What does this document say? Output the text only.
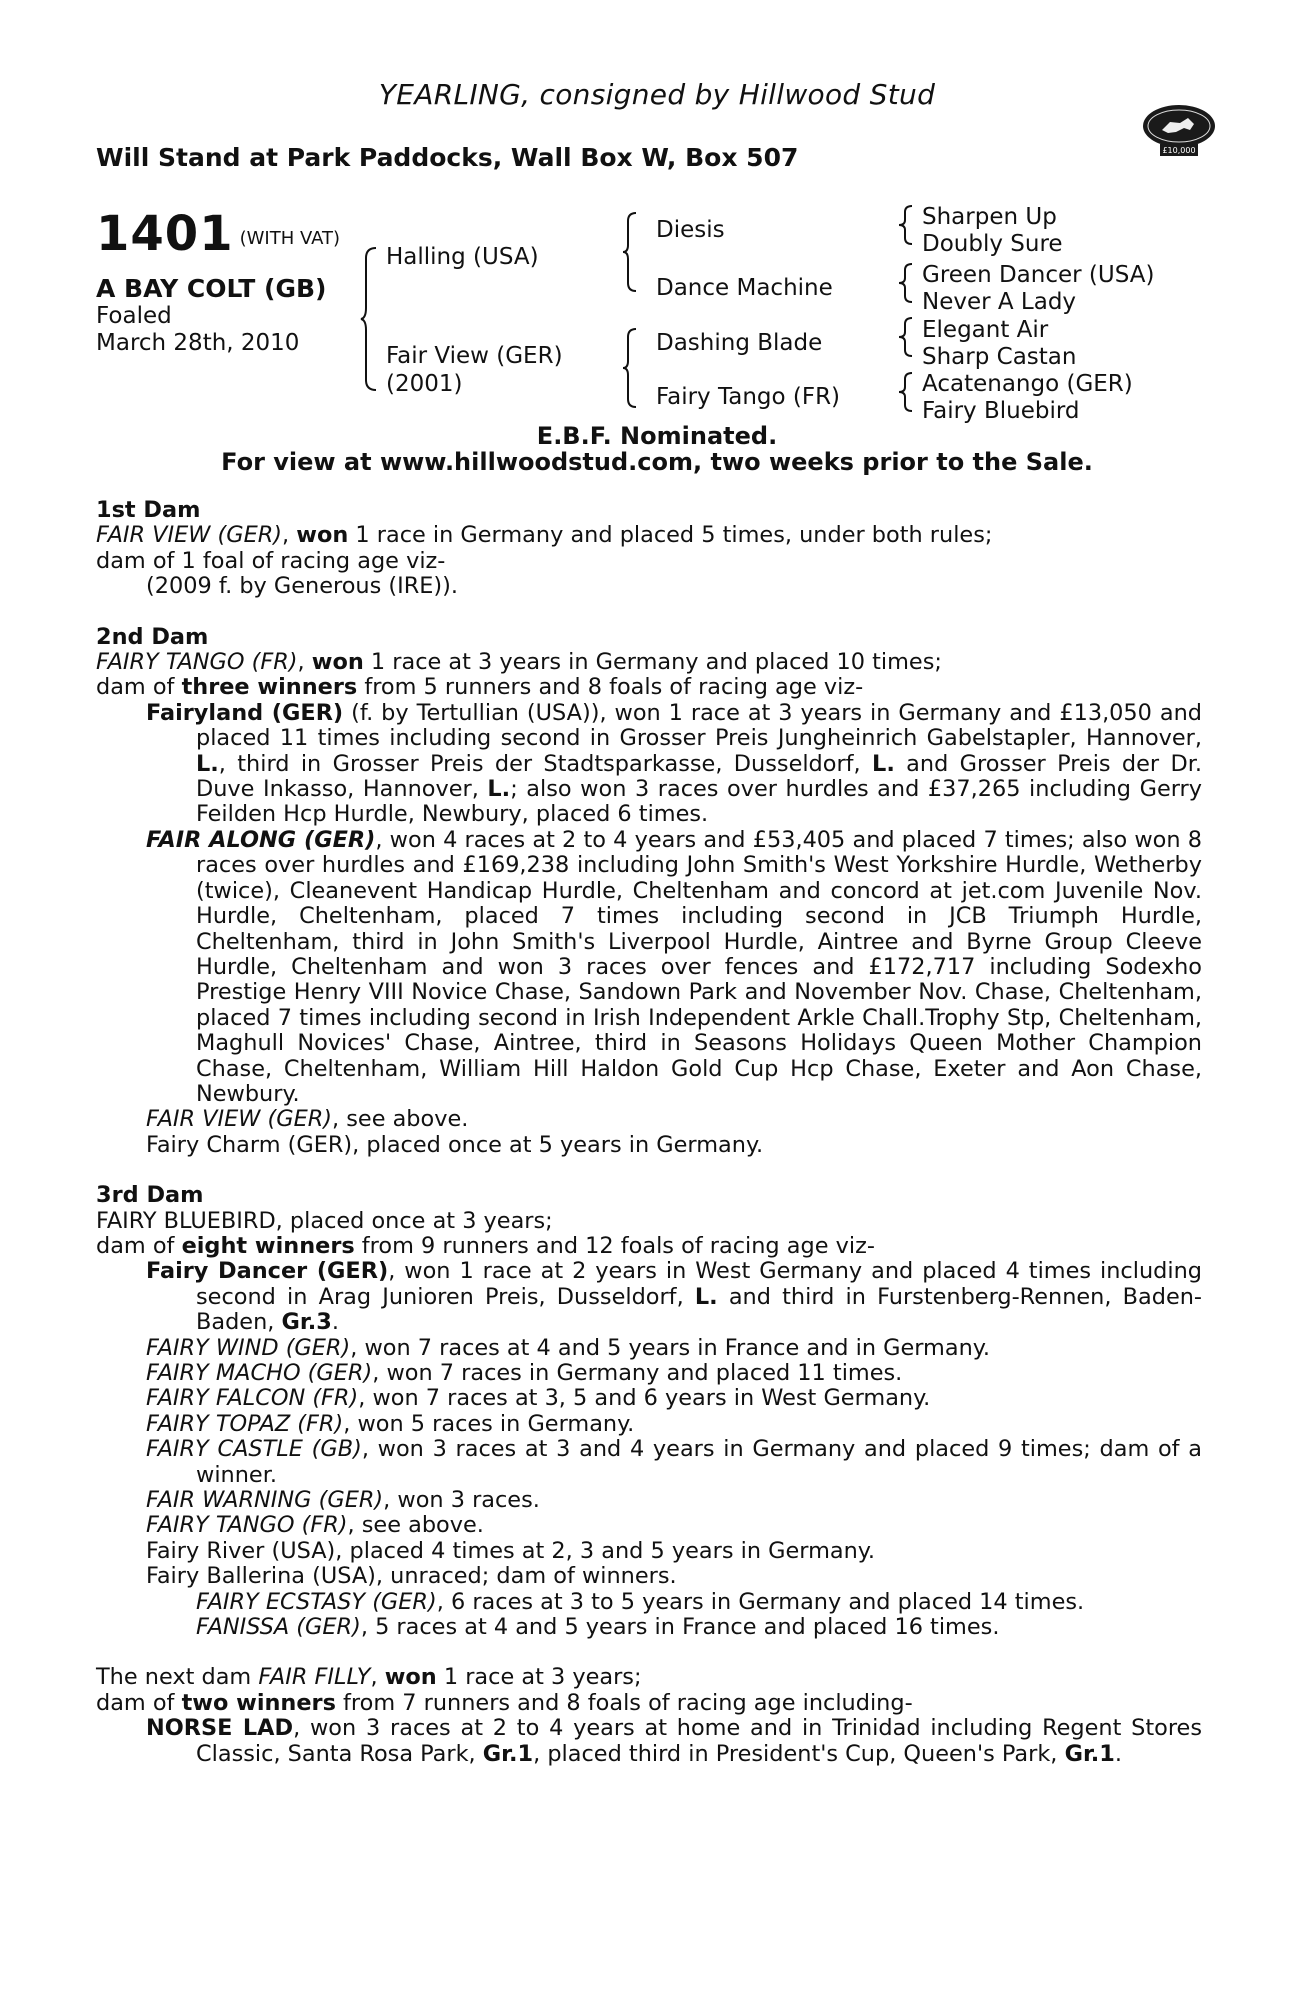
YEARLING, consigned by Hillwood Stud
Will Stand at Park Paddocks, Wall Box W, Box 507	£10,000
1401 (WITH VAT)
A BAY COLT (GB)
Foaled
March 28th, 2010
Halling (USA)
Fair View (GER)
(2001)
Diesis
Dance Machine
Dashing Blade
Fairy Tango (FR)
Sharpen Up
Doubly Sure
Green Dancer (USA)
Never A Lady
Elegant Air
Sharp Castan
Acatenango (GER)
Fairy Bluebird
E.B.F. Nominated.
For view at www.hillwoodstud.com, two weeks prior to the Sale.
1st Dam
FAIR VIEW (GER), won 1 race in Germany and placed 5 times, under both rules;
dam of 1 foal of racing age viz-
(2009 f. by Generous (IRE)).
2nd Dam
FAIRY TANGO (FR), won 1 race at 3 years in Germany and placed 10 times;
dam of three winners from 5 runners and 8 foals of racing age viz-
Fairyland (GER) (f. by Tertullian (USA)), won 1 race at 3 years in Germany and £13,050 and placed 11 times including second in Grosser Preis Jungheinrich Gabelstapler, Hannover, L., third in Grosser Preis der Stadtsparkasse, Dusseldorf, L. and Grosser Preis der Dr. Duve Inkasso, Hannover, L.; also won 3 races over hurdles and £37,265 including Gerry Feilden Hcp Hurdle, Newbury, placed 6 times.
FAIR ALONG (GER), won 4 races at 2 to 4 years and £53,405 and placed 7 times; also won 8 races over hurdles and £169,238 including John Smith's West Yorkshire Hurdle, Wetherby (twice), Cleanevent Handicap Hurdle, Cheltenham and concord at jet.com Juvenile Nov. Hurdle, Cheltenham, placed 7 times including second in JCB Triumph Hurdle, Cheltenham, third in John Smith's Liverpool Hurdle, Aintree and Byrne Group Cleeve Hurdle, Cheltenham and won 3 races over fences and £172,717 including Sodexho Prestige Henry VIII Novice Chase, Sandown Park and November Nov. Chase, Cheltenham, placed 7 times including second in Irish Independent Arkle Chall.Trophy Stp, Cheltenham, Maghull Novices' Chase, Aintree, third in Seasons Holidays Queen Mother Champion Chase, Cheltenham, William Hill Haldon Gold Cup Hcp Chase, Exeter and Aon Chase, Newbury.
FAIR VIEW (GER), see above.
Fairy Charm (GER), placed once at 5 years in Germany.
3rd Dam
FAIRY BLUEBIRD, placed once at 3 years;
dam of eight winners from 9 runners and 12 foals of racing age viz-
Fairy Dancer (GER), won 1 race at 2 years in West Germany and placed 4 times including second in Arag Junioren Preis, Dusseldorf, L. and third in Furstenberg-Rennen, Baden-Baden, Gr.3.
FAIRY WIND (GER), won 7 races at 4 and 5 years in France and in Germany.
FAIRY MACHO (GER), won 7 races in Germany and placed 11 times.
FAIRY FALCON (FR), won 7 races at 3, 5 and 6 years in West Germany.
FAIRY TOPAZ (FR), won 5 races in Germany.
FAIRY CASTLE (GB), won 3 races at 3 and 4 years in Germany and placed 9 times; dam of a winner.
FAIR WARNING (GER), won 3 races.
FAIRY TANGO (FR), see above.
Fairy River (USA), placed 4 times at 2, 3 and 5 years in Germany.
Fairy Ballerina (USA), unraced; dam of winners.
FAIRY ECSTASY (GER), 6 races at 3 to 5 years in Germany and placed 14 times.
FANISSA (GER), 5 races at 4 and 5 years in France and placed 16 times.
The next dam FAIR FILLY, won 1 race at 3 years;
dam of two winners from 7 runners and 8 foals of racing age including-
NORSE LAD, won 3 races at 2 to 4 years at home and in Trinidad including Regent Stores Classic, Santa Rosa Park, Gr.1, placed third in President's Cup, Queen's Park, Gr.1.
